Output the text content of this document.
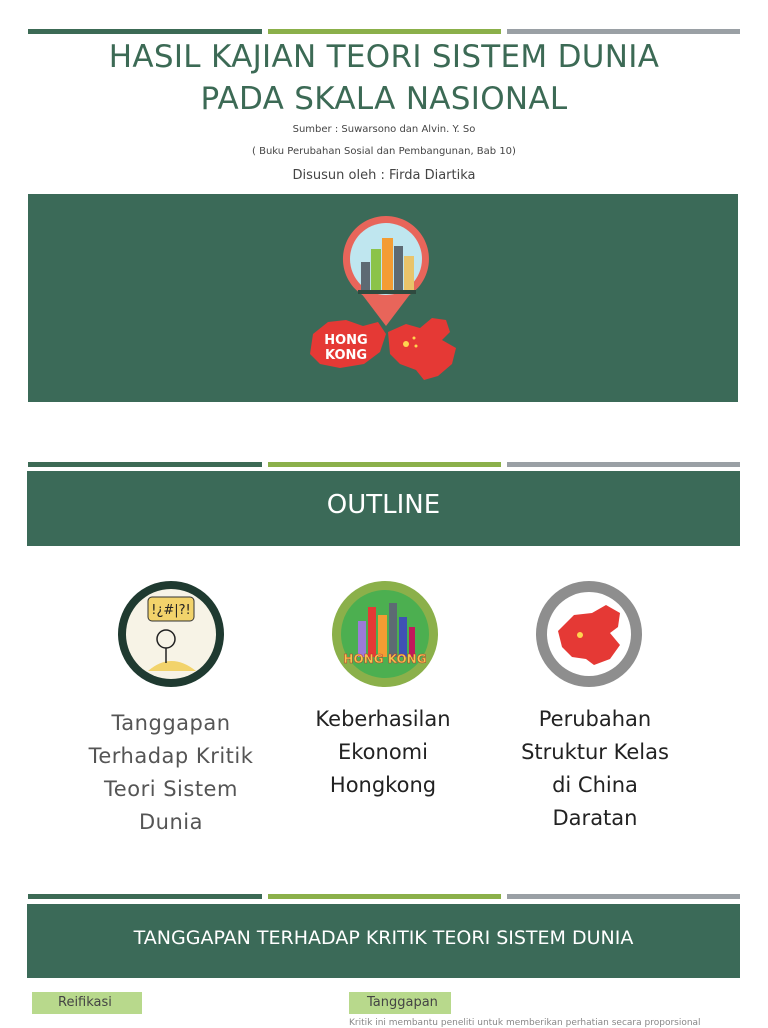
HASIL KAJIAN TEORI SISTEM DUNIA
PADA SKALA NASIONAL
Sumber : Suwarsono dan Alvin. Y. So
( Buku Perubahan Sosial dan Pembangunan, Bab 10)
Disusun oleh : Firda Diartika
HONG
KONG
OUTLINE
!¿#|?!
HONG KONG
Tanggapan Terhadap Kritik Teori Sistem Dunia
Keberhasilan Ekonomi Hongkong
Perubahan Struktur Kelas di China Daratan
TANGGAPAN TERHADAP KRITIK TEORI SISTEM DUNIA
Reifikasi	Tanggapan
Kritik ini membantu peneliti untuk memberikan perhatian secara proporsional
